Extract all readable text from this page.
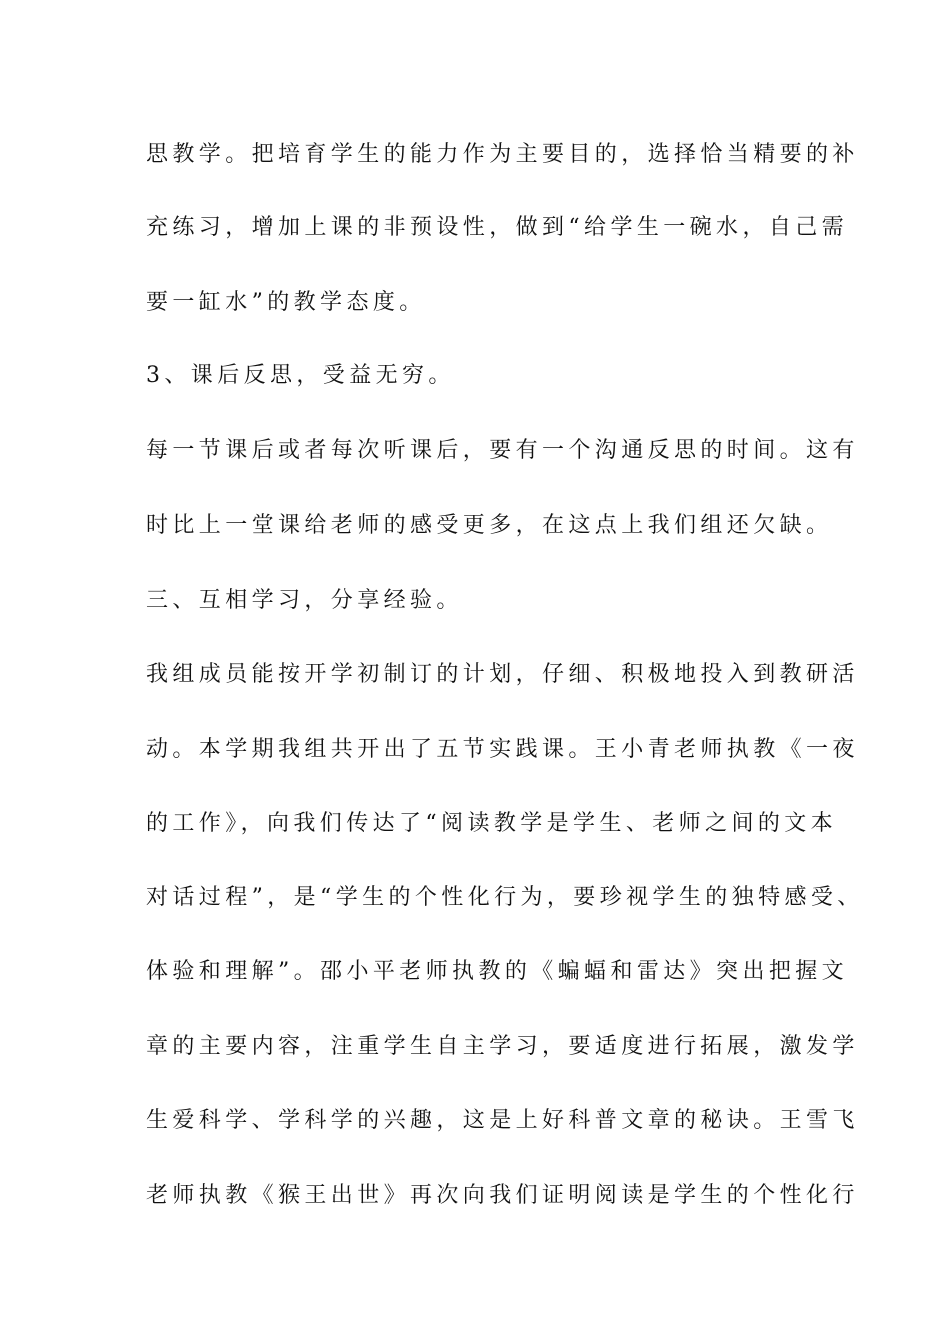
思教学。把培育学生的能力作为主要目的，选择恰当精要的补
充练习，增加上课的非预设性，做到“给学生一碗水，自己需
要一缸水”的教学态度。
3、课后反思，受益无穷。
每一节课后或者每次听课后，要有一个沟通反思的时间。这有
时比上一堂课给老师的感受更多，在这点上我们组还欠缺。
三、互相学习，分享经验。
我组成员能按开学初制订的计划，仔细、积极地投入到教研活
动。本学期我组共开出了五节实践课。王小青老师执教《一夜
的工作》，向我们传达了“阅读教学是学生、老师之间的文本
对话过程”，是“学生的个性化行为，要珍视学生的独特感受、
体验和理解”。邵小平老师执教的《蝙蝠和雷达》突出把握文
章的主要内容，注重学生自主学习，要适度进行拓展，激发学
生爱科学、学科学的兴趣，这是上好科普文章的秘诀。王雪飞
老师执教《猴王出世》再次向我们证明阅读是学生的个性化行
